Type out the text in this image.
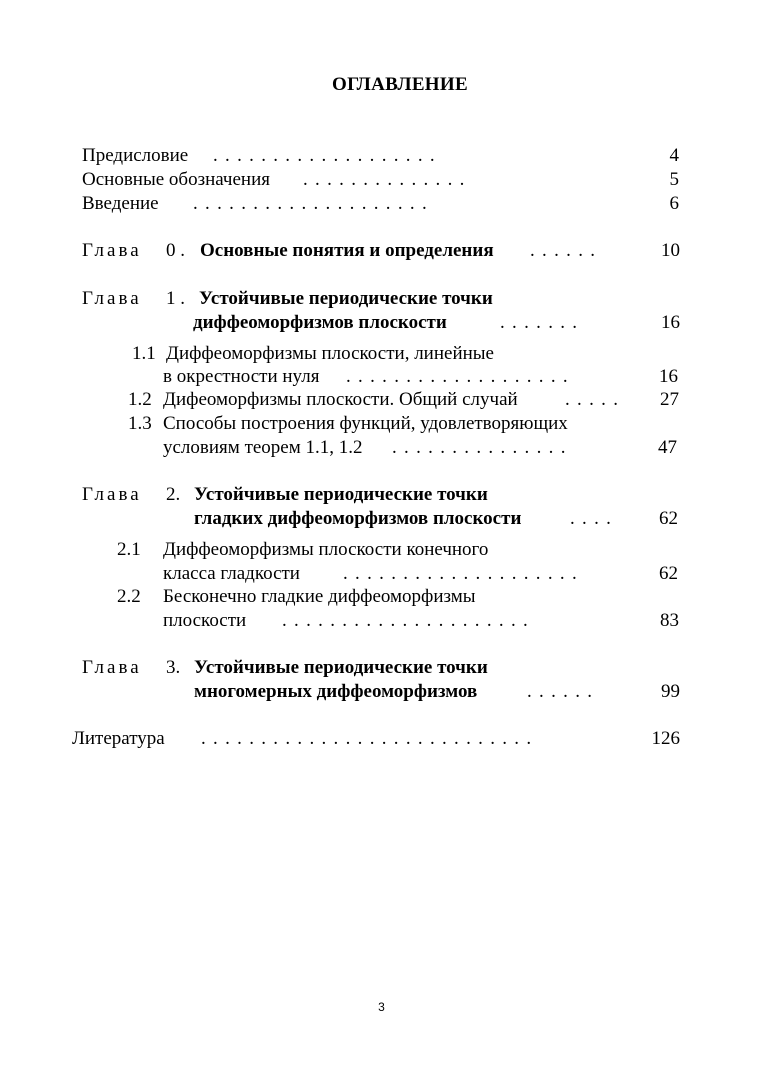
ОГЛАВЛЕНИЕ
Предисловие ...................	4
Основные обозначения ..............	5
Введение ....................	6
Глава 0 . Основные понятия и определения ......	10
Глава 1 . Устойчивые периодические точки
диффеоморфизмов плоскости	.......	16
1.1 Диффеоморфизмы плоскости, линейные
в окрестности нуля ...................	16
1.2 Дифеоморфизмы плоскости. Общий случай .....	27
1.3 Способы построения функций, удовлетворяющих
условиям теорем 1.1, 1.2 ...............	47
Глава 2. Устойчивые периодические точки
гладких диффеоморфизмов плоскости	....	62
2.1 Диффеоморфизмы плоскости конечного
класса гладкости ....................	62
2.2 Бесконечно гладкие диффеоморфизмы
плоскости .....................	83
Глава 3. Устойчивые периодические точки
многомерных диффеоморфизмов	......	99
Литература ............................	126
3
